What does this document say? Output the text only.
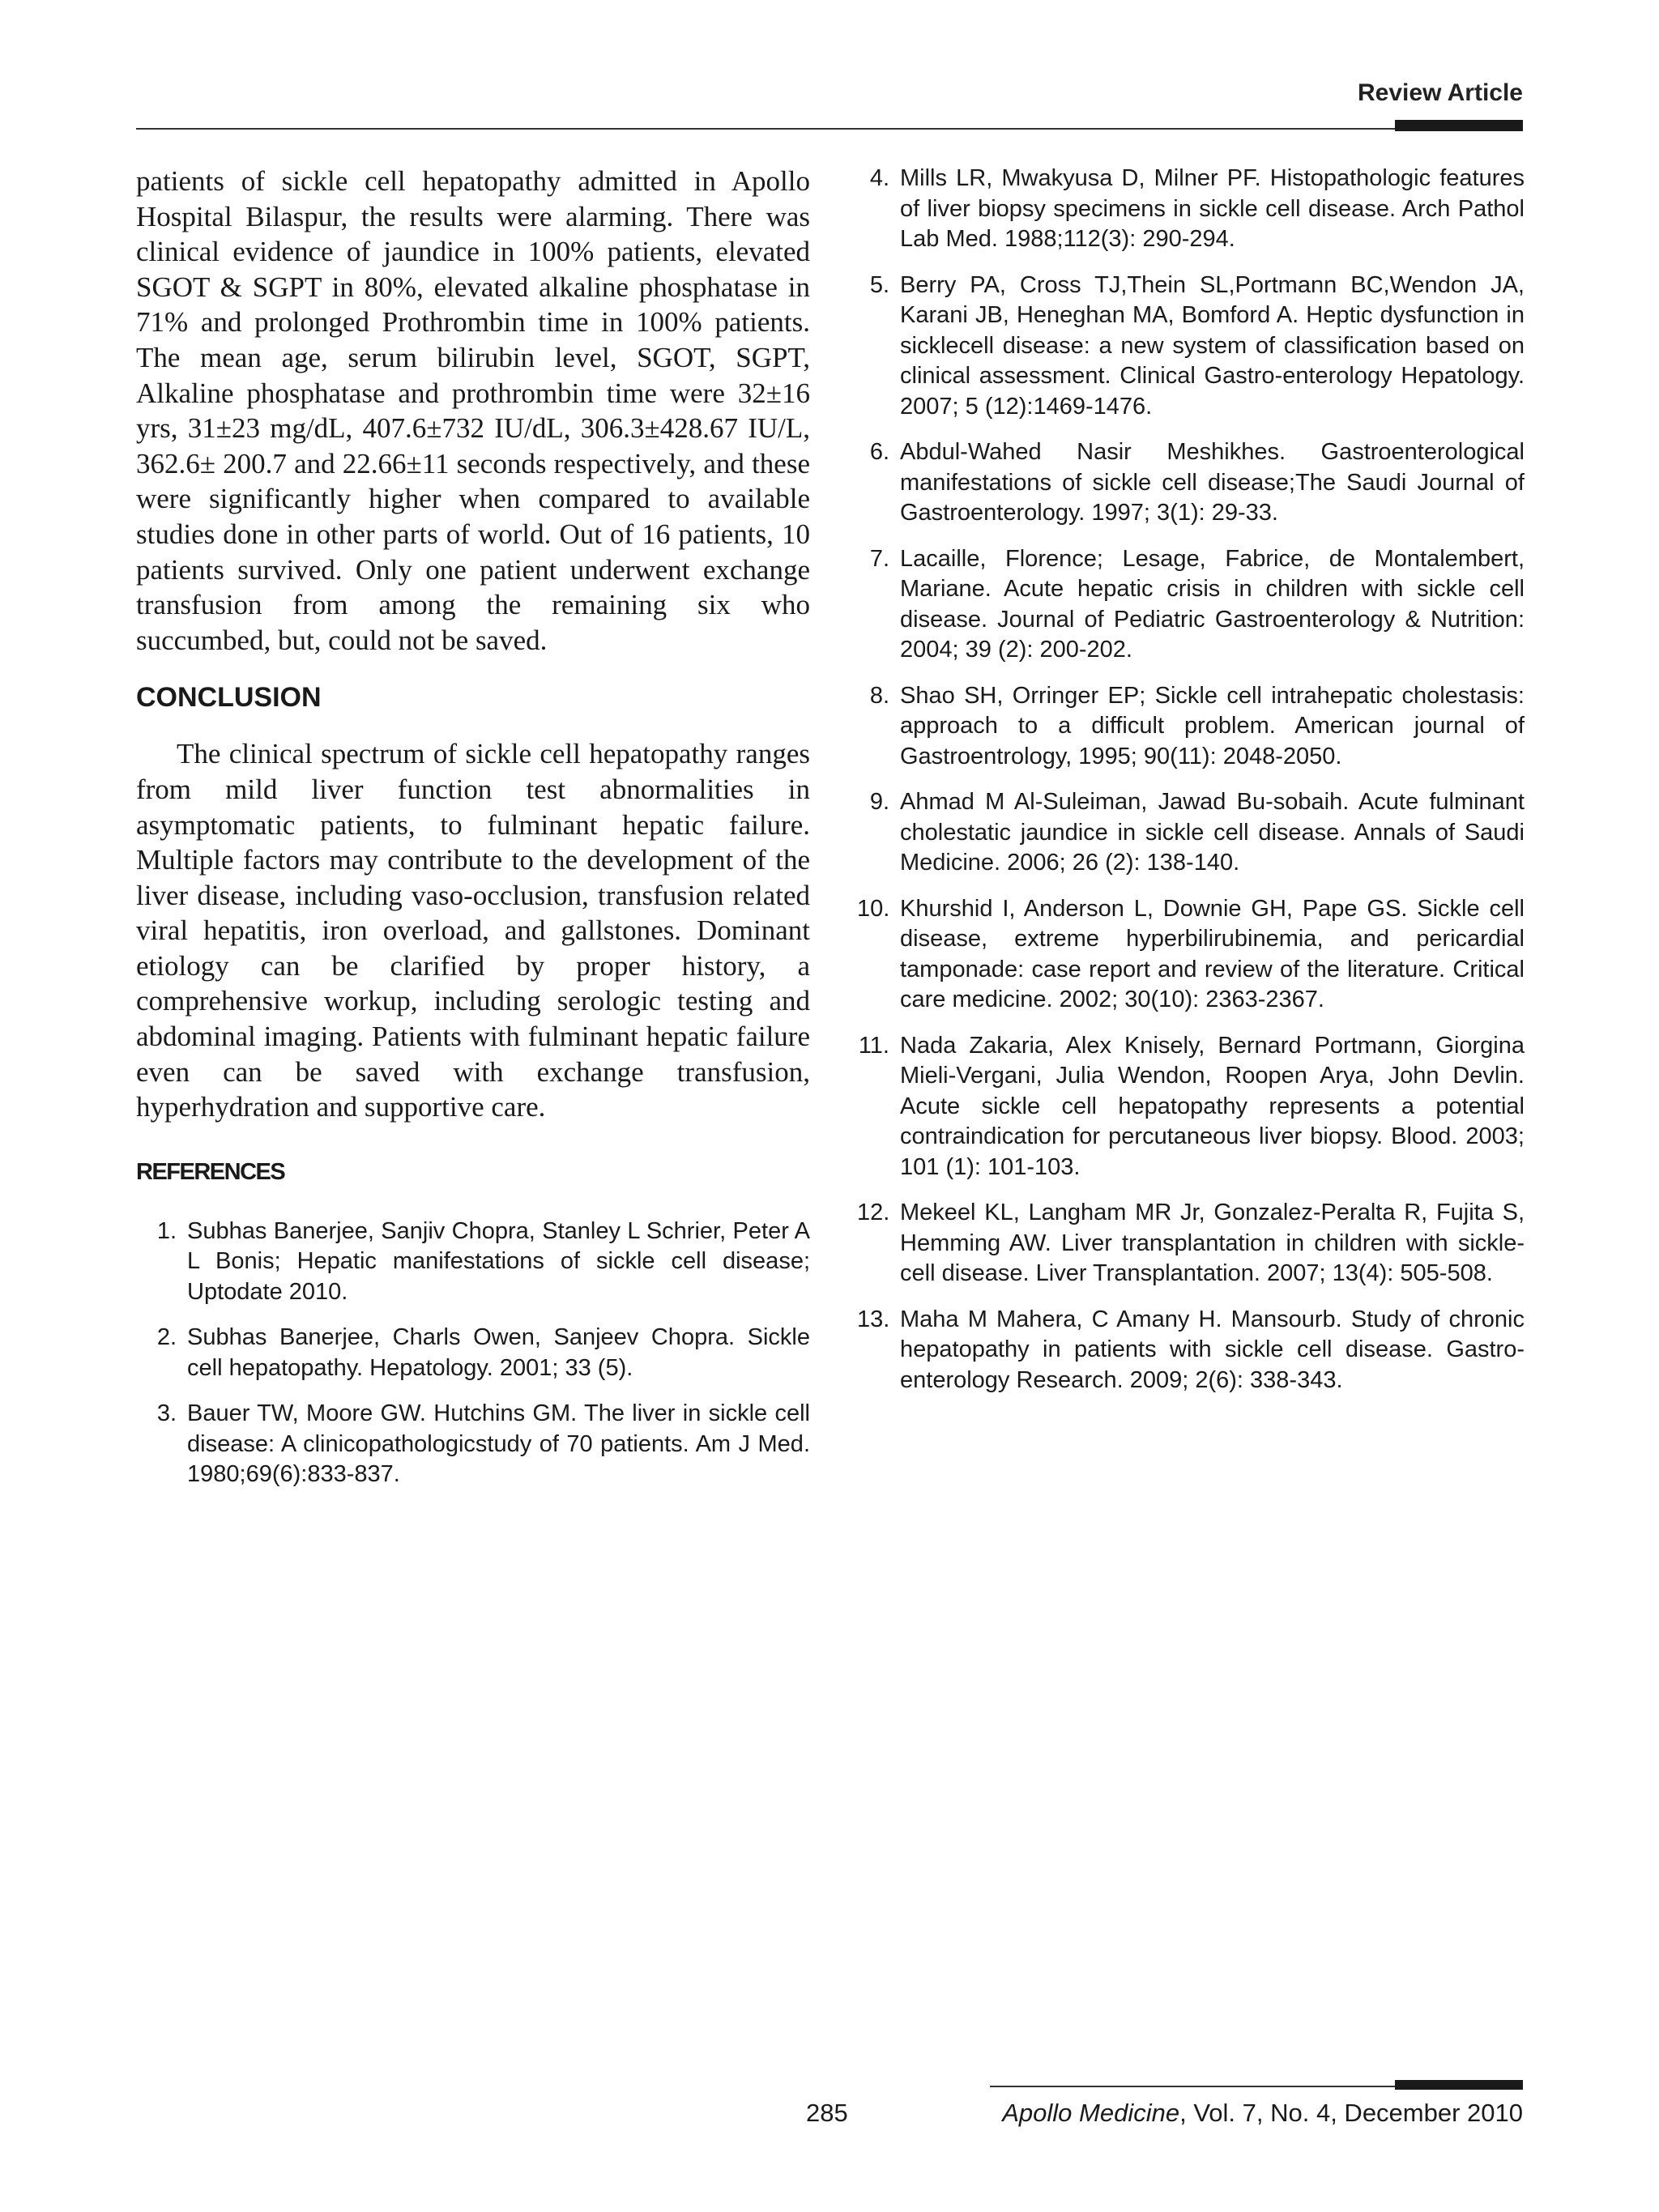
Review Article

patients of sickle cell hepatopathy admitted in Apollo Hospital Bilaspur, the results were alarming. There was clinical evidence of jaundice in 100% patients, elevated SGOT & SGPT in 80%, elevated alkaline phosphatase in 71% and prolonged Prothrombin time in 100% patients. The mean age, serum bilirubin level, SGOT, SGPT, Alkaline phosphatase and prothrombin time were 32±16 yrs, 31±23 mg/dL, 407.6±732 IU/dL, 306.3±428.67 IU/L, 362.6± 200.7 and 22.66±11 seconds respectively, and these were significantly higher when compared to available studies done in other parts of world. Out of 16 patients, 10 patients survived. Only one patient underwent exchange transfusion from among the remaining six who succumbed, but, could not be saved.

CONCLUSION

The clinical spectrum of sickle cell hepatopathy ranges from mild liver function test abnormalities in asymptomatic patients, to fulminant hepatic failure. Multiple factors may contribute to the development of the liver disease, including vaso-occlusion, transfusion related viral hepatitis, iron overload, and gallstones. Dominant etiology can be clarified by proper history, a comprehensive workup, including serologic testing and abdominal imaging. Patients with fulminant hepatic failure even can be saved with exchange transfusion, hyperhydration and supportive care.

REFERENCES
1. Subhas Banerjee, Sanjiv Chopra, Stanley L Schrier, Peter A L Bonis; Hepatic manifestations of sickle cell disease; Uptodate 2010.
2. Subhas Banerjee, Charls Owen, Sanjeev Chopra. Sickle cell hepatopathy. Hepatology. 2001; 33 (5).
3. Bauer TW, Moore GW. Hutchins GM. The liver in sickle cell disease: A clinicopathologicstudy of 70 patients. Am J Med. 1980;69(6):833-837.
4. Mills LR, Mwakyusa D, Milner PF. Histopathologic features of liver biopsy specimens in sickle cell disease. Arch Pathol Lab Med. 1988;112(3): 290-294.
5. Berry PA, Cross TJ,Thein SL,Portmann BC,Wendon JA, Karani JB, Heneghan MA, Bomford A. Heptic dysfunction in sicklecell disease: a new system of classification based on clinical assessment. Clinical Gastro-enterology Hepatology. 2007; 5 (12):1469-1476.
6. Abdul-Wahed Nasir Meshikhes. Gastroenterological manifestations of sickle cell disease;The Saudi Journal of Gastroenterology. 1997; 3(1): 29-33.
7. Lacaille, Florence; Lesage, Fabrice, de Montalembert, Mariane. Acute hepatic crisis in children with sickle cell disease. Journal of Pediatric Gastroenterology & Nutrition: 2004; 39 (2): 200-202.
8. Shao SH, Orringer EP; Sickle cell intrahepatic cholestasis: approach to a difficult problem. American journal of Gastroentrology, 1995; 90(11): 2048-2050.
9. Ahmad M Al-Suleiman, Jawad Bu-sobaih. Acute fulminant cholestatic jaundice in sickle cell disease. Annals of Saudi Medicine. 2006; 26 (2): 138-140.
10. Khurshid I, Anderson L, Downie GH, Pape GS. Sickle cell disease, extreme hyperbilirubinemia, and pericardial tamponade: case report and review of the literature. Critical care medicine. 2002; 30(10): 2363-2367.
11. Nada Zakaria, Alex Knisely, Bernard Portmann, Giorgina Mieli-Vergani, Julia Wendon, Roopen Arya, John Devlin. Acute sickle cell hepatopathy represents a potential contraindication for percutaneous liver biopsy. Blood. 2003; 101 (1): 101-103.
12. Mekeel KL, Langham MR Jr, Gonzalez-Peralta R, Fujita S, Hemming AW. Liver transplantation in children with sickle-cell disease. Liver Transplantation. 2007; 13(4): 505-508.
13. Maha M Mahera, C Amany H. Mansourb. Study of chronic hepatopathy in patients with sickle cell disease. Gastro-enterology Research. 2009; 2(6): 338-343.
285	Apollo Medicine, Vol. 7, No. 4, December 2010
